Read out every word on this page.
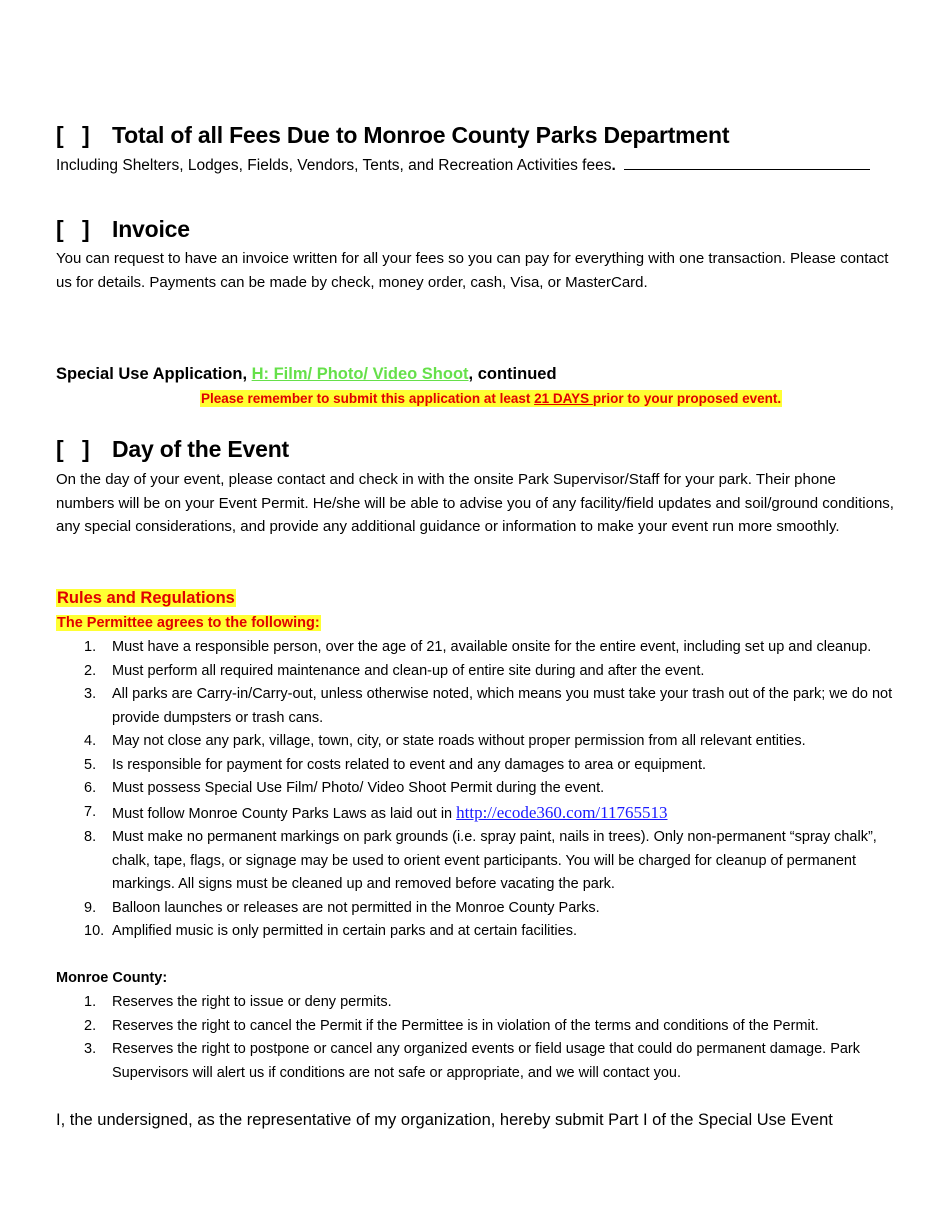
[   ] Total of all Fees Due to Monroe County Parks Department
Including Shelters, Lodges, Fields, Vendors, Tents, and Recreation Activities fees.
[   ] Invoice
You can request to have an invoice written for all your fees so you can pay for everything with one transaction. Please contact us for details. Payments can be made by check, money order, cash, Visa, or MasterCard.
Special Use Application, H: Film/ Photo/ Video Shoot, continued
Please remember to submit this application at least 21 DAYS prior to your proposed event.
[   ] Day of the Event
On the day of your event, please contact and check in with the onsite Park Supervisor/Staff for your park. Their phone numbers will be on your Event Permit. He/she will be able to advise you of any facility/field updates and soil/ground conditions, any special considerations, and provide any additional guidance or information to make your event run more smoothly.
Rules and Regulations
The Permittee agrees to the following:
1. Must have a responsible person, over the age of 21, available onsite for the entire event, including set up and cleanup.
2. Must perform all required maintenance and clean-up of entire site during and after the event.
3. All parks are Carry-in/Carry-out, unless otherwise noted, which means you must take your trash out of the park; we do not provide dumpsters or trash cans.
4. May not close any park, village, town, city, or state roads without proper permission from all relevant entities.
5. Is responsible for payment for costs related to event and any damages to area or equipment.
6. Must possess Special Use Film/ Photo/ Video Shoot Permit during the event.
7. Must follow Monroe County Parks Laws as laid out in http://ecode360.com/11765513
8. Must make no permanent markings on park grounds (i.e. spray paint, nails in trees). Only non-permanent “spray chalk”, chalk, tape, flags, or signage may be used to orient event participants. You will be charged for cleanup of permanent markings. All signs must be cleaned up and removed before vacating the park.
9. Balloon launches or releases are not permitted in the Monroe County Parks.
10. Amplified music is only permitted in certain parks and at certain facilities.
Monroe County:
1. Reserves the right to issue or deny permits.
2. Reserves the right to cancel the Permit if the Permittee is in violation of the terms and conditions of the Permit.
3. Reserves the right to postpone or cancel any organized events or field usage that could do permanent damage. Park Supervisors will alert us if conditions are not safe or appropriate, and we will contact you.
I, the undersigned, as the representative of my organization, hereby submit Part I of the Special Use Event
